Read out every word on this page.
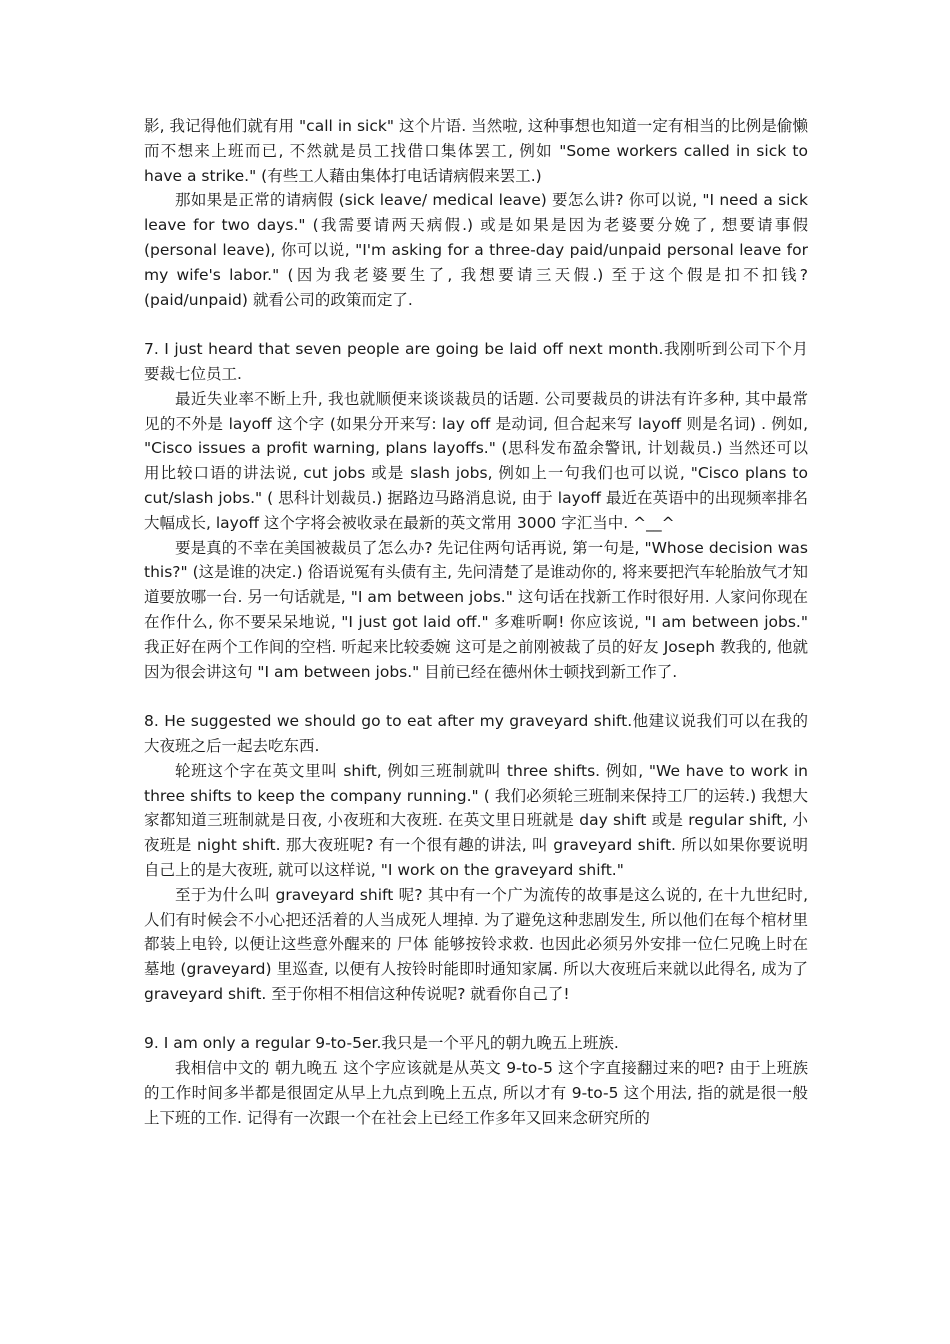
影, 我记得他们就有用 "call in sick" 这个片语. 当然啦, 这种事想也知道一定有相当的比例是偷懒而不想来上班而已, 不然就是员工找借口集体罢工, 例如 "Some workers called in sick to have a strike." (有些工人藉由集体打电话请病假来罢工.)

那如果是正常的请病假 (sick leave/ medical leave) 要怎么讲? 你可以说, "I need a sick leave for two days." (我需要请两天病假.) 或是如果是因为老婆要分娩了, 想要请事假 (personal leave), 你可以说, "I'm asking for a three-day paid/unpaid personal leave for my wife's labor." (因为我老婆要生了, 我想要请三天假.) 至于这个假是扣不扣钱? (paid/unpaid) 就看公司的政策而定了.

7. I just heard that seven people are going be laid off next month.我刚听到公司下个月要裁七位员工.

最近失业率不断上升, 我也就顺便来谈谈裁员的话题. 公司要裁员的讲法有许多种, 其中最常见的不外是 layoff 这个字 (如果分开来写: lay off 是动词, 但合起来写 layoff 则是名词) . 例如, "Cisco issues a profit warning, plans layoffs." (思科发布盈余警讯, 计划裁员.) 当然还可以用比较口语的讲法说, cut jobs 或是 slash jobs, 例如上一句我们也可以说, "Cisco plans to cut/slash jobs." ( 思科计划裁员.) 据路边马路消息说, 由于 layoff 最近在英语中的出现频率排名大幅成长, layoff 这个字将会被收录在最新的英文常用 3000 字汇当中. ^__^

要是真的不幸在美国被裁员了怎么办? 先记住两句话再说, 第一句是, "Whose decision was this?" (这是谁的决定.) 俗语说冤有头债有主, 先问清楚了是谁动你的, 将来要把汽车轮胎放气才知道要放哪一台. 另一句话就是, "I am between jobs." 这句话在找新工作时很好用. 人家问你现在在作什么, 你不要呆呆地说, "I just got laid off." 多难听啊! 你应该说, "I am between jobs." 我正好在两个工作间的空档. 听起来比较委婉 这可是之前刚被裁了员的好友 Joseph 教我的, 他就因为很会讲这句 "I am between jobs." 目前已经在德州休士顿找到新工作了.

8. He suggested we should go to eat after my graveyard shift.他建议说我们可以在我的大夜班之后一起去吃东西.

轮班这个字在英文里叫 shift, 例如三班制就叫 three shifts. 例如, "We have to work in three shifts to keep the company running." ( 我们必须轮三班制来保持工厂的运转.) 我想大家都知道三班制就是日夜, 小夜班和大夜班. 在英文里日班就是 day shift 或是 regular shift, 小夜班是 night shift. 那大夜班呢? 有一个很有趣的讲法, 叫 graveyard shift. 所以如果你要说明自己上的是大夜班, 就可以这样说, "I work on the graveyard shift."

至于为什么叫 graveyard shift 呢? 其中有一个广为流传的故事是这么说的, 在十九世纪时, 人们有时候会不小心把还活着的人当成死人埋掉. 为了避免这种悲剧发生, 所以他们在每个棺材里都装上电铃, 以便让这些意外醒来的 尸体 能够按铃求救. 也因此必须另外安排一位仁兄晚上时在墓地 (graveyard) 里巡查, 以便有人按铃时能即时通知家属. 所以大夜班后来就以此得名, 成为了 graveyard shift. 至于你相不相信这种传说呢? 就看你自己了!

9. I am only a regular 9-to-5er.我只是一个平凡的朝九晚五上班族.

我相信中文的 朝九晚五 这个字应该就是从英文 9-to-5 这个字直接翻过来的吧? 由于上班族的工作时间多半都是很固定从早上九点到晚上五点, 所以才有 9-to-5 这个用法, 指的就是很一般上下班的工作. 记得有一次跟一个在社会上已经工作多年又回来念研究所的
